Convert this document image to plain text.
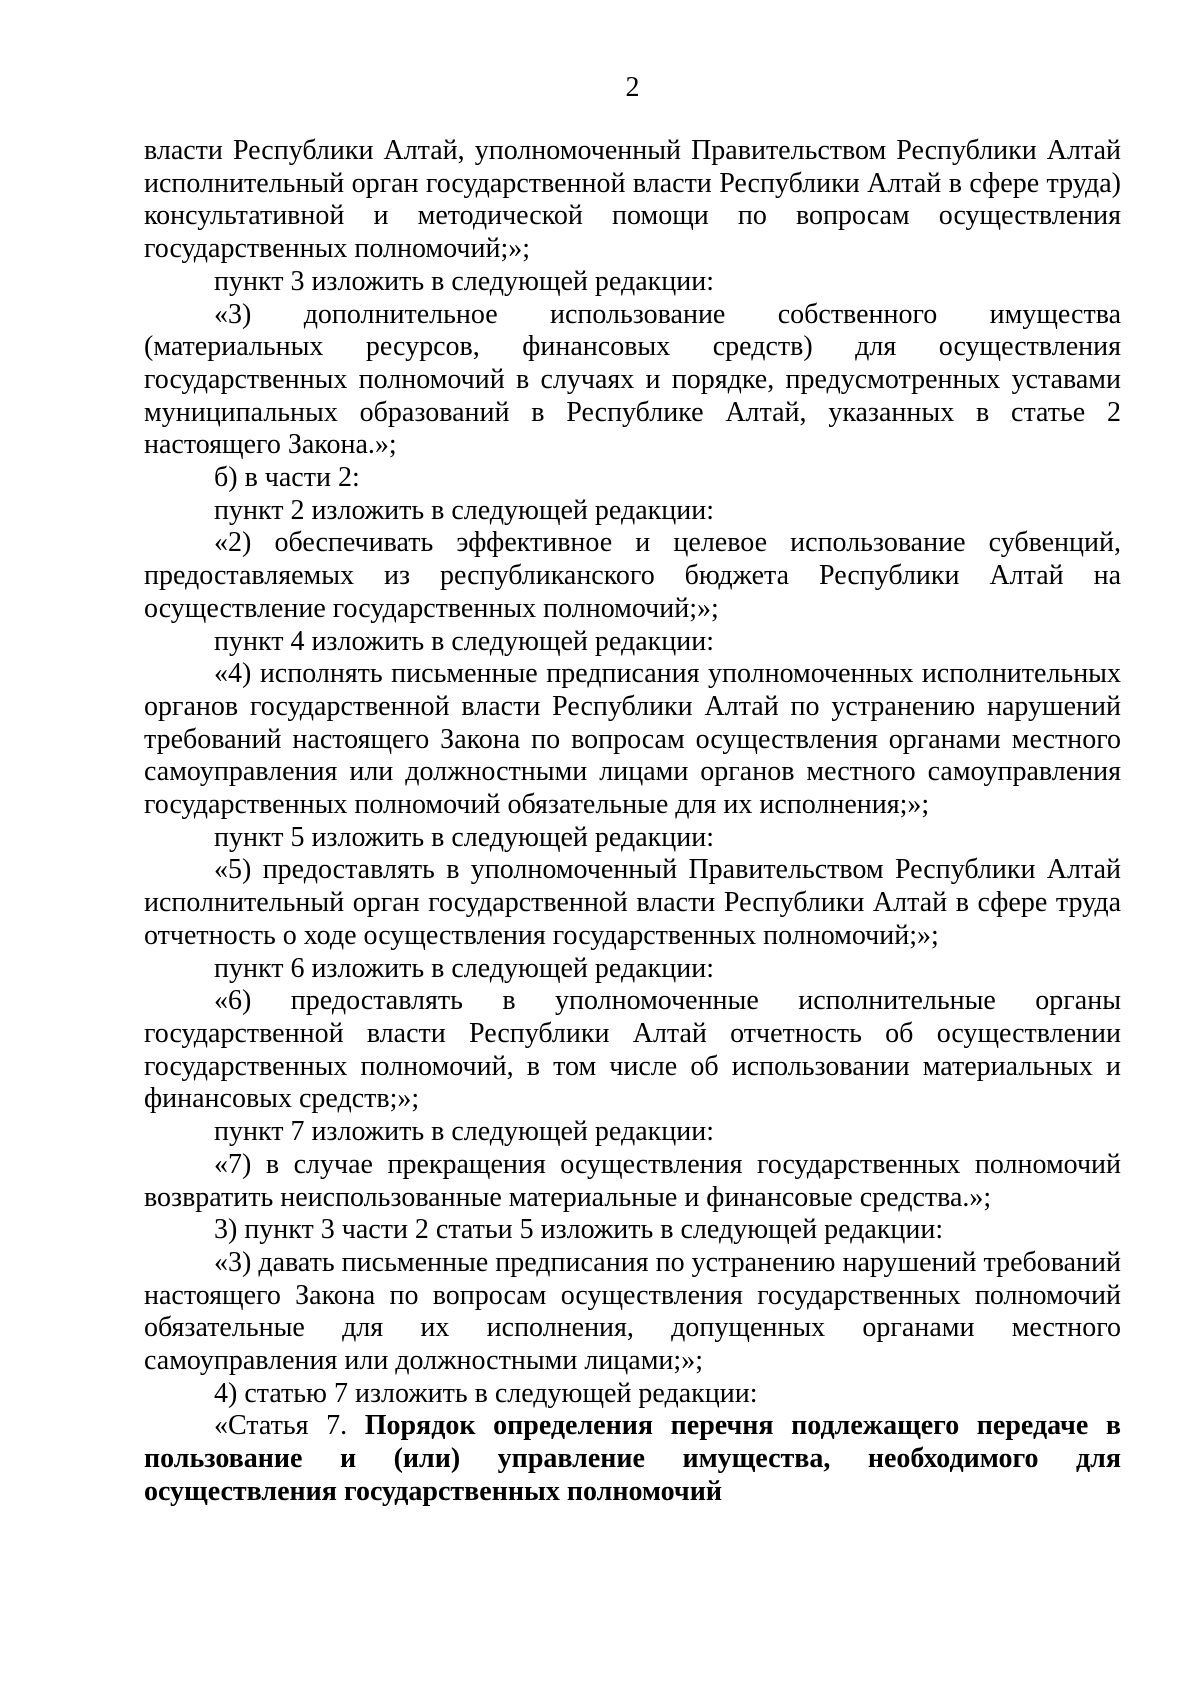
2

власти Республики Алтай, уполномоченный Правительством Республики Алтай исполнительный орган государственной власти Республики Алтай в сфере труда) консультативной и методической помощи по вопросам осуществления государственных полномочий;»;

пункт 3 изложить в следующей редакции:

«3) дополнительное использование собственного имущества (материальных ресурсов, финансовых средств) для осуществления государственных полномочий в случаях и порядке, предусмотренных уставами муниципальных образований в Республике Алтай, указанных в статье 2 настоящего Закона.»;

б) в части 2:

пункт 2 изложить в следующей редакции:

«2) обеспечивать эффективное и целевое использование субвенций, предоставляемых из республиканского бюджета Республики Алтай на осуществление государственных полномочий;»;

пункт 4 изложить в следующей редакции:

«4) исполнять письменные предписания уполномоченных исполнительных органов государственной власти Республики Алтай по устранению нарушений требований настоящего Закона по вопросам осуществления органами местного самоуправления или должностными лицами органов местного самоуправления государственных полномочий обязательные для их исполнения;»;

пункт 5 изложить в следующей редакции:

«5) предоставлять в уполномоченный Правительством Республики Алтай исполнительный орган государственной власти Республики Алтай в сфере труда отчетность о ходе осуществления государственных полномочий;»;

пункт 6 изложить в следующей редакции:

«6) предоставлять в уполномоченные исполнительные органы государственной власти Республики Алтай отчетность об осуществлении государственных полномочий, в том числе об использовании материальных и финансовых средств;»;

пункт 7 изложить в следующей редакции:

«7) в случае прекращения осуществления государственных полномочий возвратить неиспользованные материальные и финансовые средства.»;

3) пункт 3 части 2 статьи 5 изложить в следующей редакции:

«3) давать письменные предписания по устранению нарушений требований настоящего Закона по вопросам осуществления государственных полномочий обязательные для их исполнения, допущенных органами местного самоуправления или должностными лицами;»;

4) статью 7 изложить в следующей редакции:

«Статья 7. Порядок определения перечня подлежащего передаче в пользование и (или) управление имущества, необходимого для осуществления государственных полномочий
